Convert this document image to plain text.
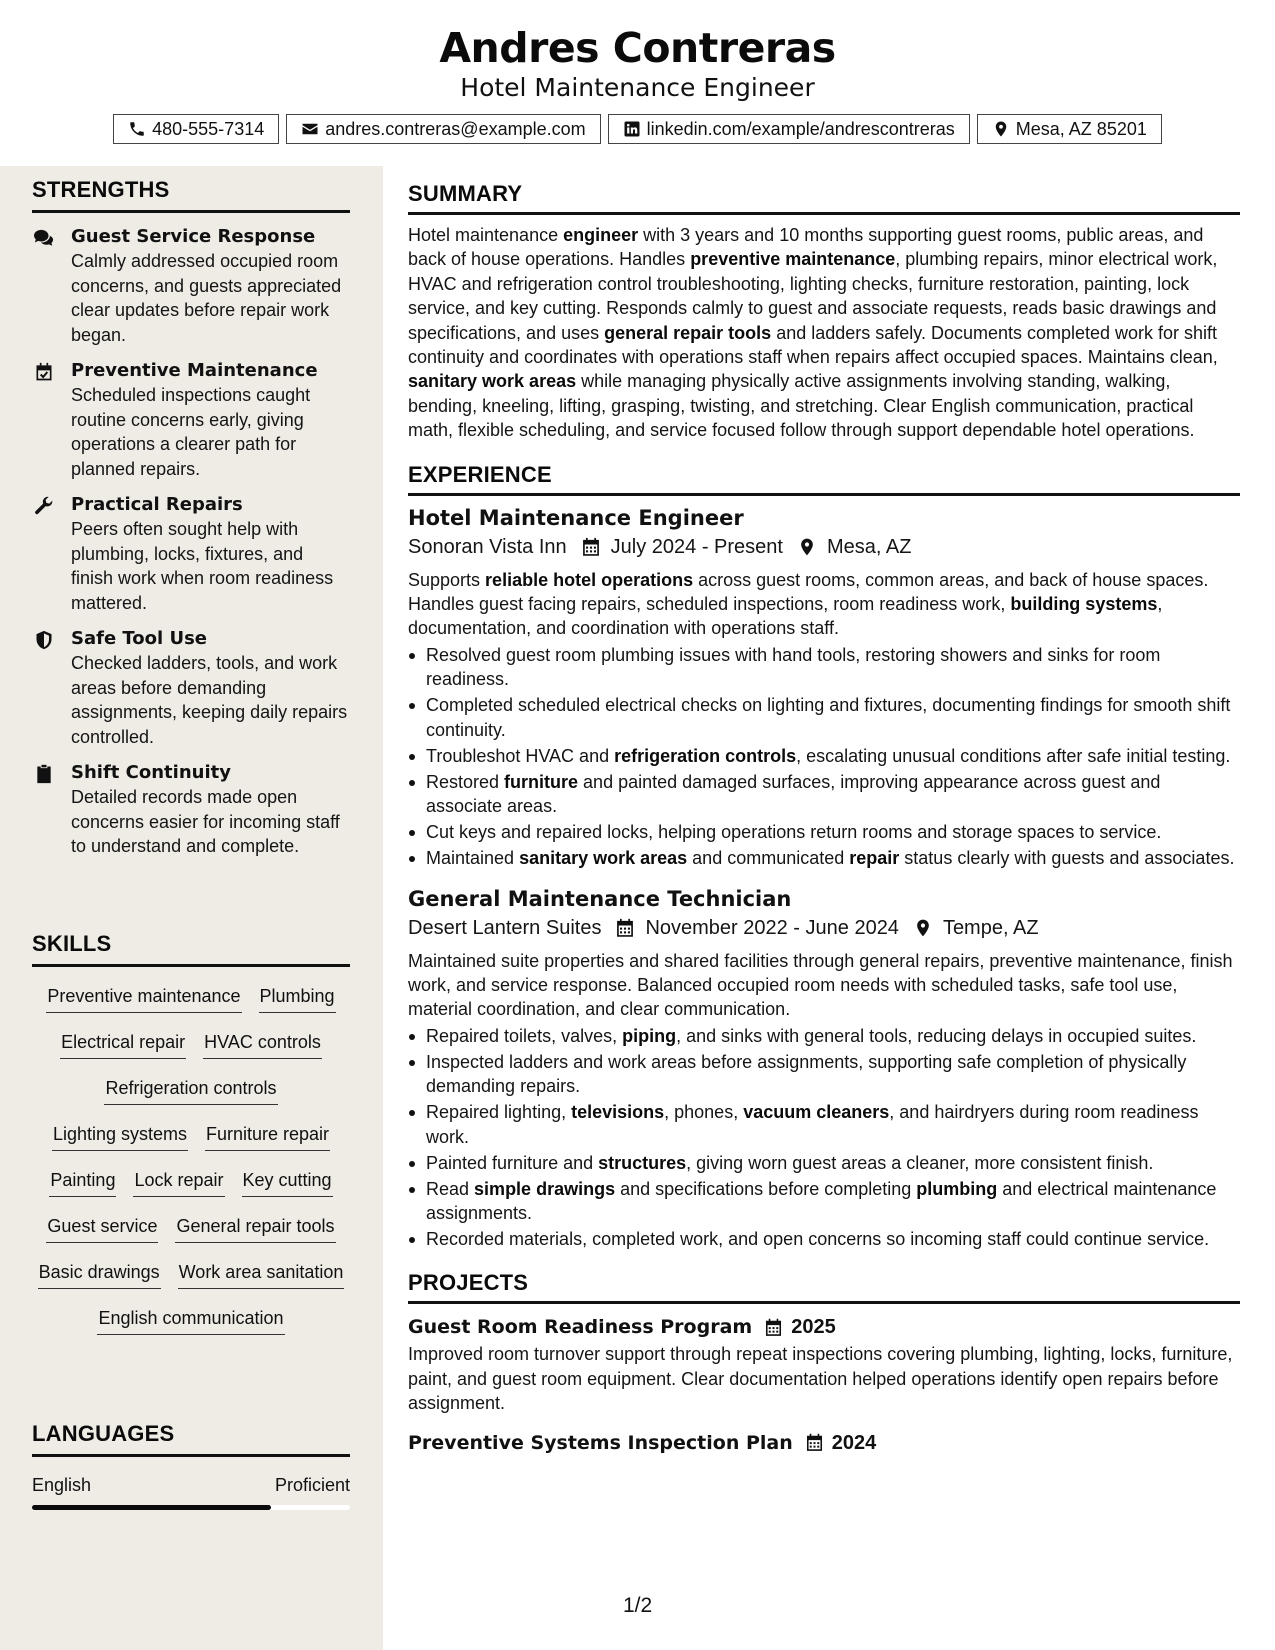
Andres Contreras
Hotel Maintenance Engineer
480-555-7314	andres.contreras@example.com	linkedin.com/example/andrescontreras	Mesa, AZ 85201
STRENGTHS
Guest Service Response
Calmly addressed occupied room concerns, and guests appreciated clear updates before repair work began.
Preventive Maintenance
Scheduled inspections caught routine concerns early, giving operations a clearer path for planned repairs.
Practical Repairs
Peers often sought help with plumbing, locks, fixtures, and finish work when room readiness mattered.
Safe Tool Use
Checked ladders, tools, and work areas before demanding assignments, keeping daily repairs controlled.
Shift Continuity
Detailed records made open concerns easier for incoming staff to understand and complete.
SKILLS
Preventive maintenance Plumbing
Electrical repair HVAC controls
Refrigeration controls
Lighting systems Furniture repair
Painting Lock repair Key cutting
Guest service General repair tools
Basic drawings Work area sanitation
English communication
LANGUAGES
English	Proficient
SUMMARY

Hotel maintenance engineer with 3 years and 10 months supporting guest rooms, public areas, and back of house operations. Handles preventive maintenance, plumbing repairs, minor electrical work, HVAC and refrigeration control troubleshooting, lighting checks, furniture restoration, painting, lock service, and key cutting. Responds calmly to guest and associate requests, reads basic drawings and specifications, and uses general repair tools and ladders safely. Documents completed work for shift continuity and coordinates with operations staff when repairs affect occupied spaces. Maintains clean, sanitary work areas while managing physically active assignments involving standing, walking, bending, kneeling, lifting, grasping, twisting, and stretching. Clear English communication, practical math, flexible scheduling, and service focused follow through support dependable hotel operations.

EXPERIENCE
Hotel Maintenance Engineer
Sonoran Vista Inn July 2024 - Present Mesa, AZ

Supports reliable hotel operations across guest rooms, common areas, and back of house spaces. Handles guest facing repairs, scheduled inspections, room readiness work, building systems, documentation, and coordination with operations staff.

Resolved guest room plumbing issues with hand tools, restoring showers and sinks for room readiness.
Completed scheduled electrical checks on lighting and fixtures, documenting findings for smooth shift continuity.
Troubleshot HVAC and refrigeration controls, escalating unusual conditions after safe initial testing.
Restored furniture and painted damaged surfaces, improving appearance across guest and associate areas.
Cut keys and repaired locks, helping operations return rooms and storage spaces to service.
Maintained sanitary work areas and communicated repair status clearly with guests and associates.
General Maintenance Technician
Desert Lantern Suites November 2022 - June 2024 Tempe, AZ

Maintained suite properties and shared facilities through general repairs, preventive maintenance, finish work, and service response. Balanced occupied room needs with scheduled tasks, safe tool use, material coordination, and clear communication.

Repaired toilets, valves, piping, and sinks with general tools, reducing delays in occupied suites.
Inspected ladders and work areas before assignments, supporting safe completion of physically demanding repairs.
Repaired lighting, televisions, phones, vacuum cleaners, and hairdryers during room readiness work.
Painted furniture and structures, giving worn guest areas a cleaner, more consistent finish.
Read simple drawings and specifications before completing plumbing and electrical maintenance assignments.
Recorded materials, completed work, and open concerns so incoming staff could continue service.
PROJECTS
Guest Room Readiness Program 2025

Improved room turnover support through repeat inspections covering plumbing, lighting, locks, furniture, paint, and guest room equipment. Clear documentation helped operations identify open repairs before assignment.

Preventive Systems Inspection Plan 2024
1/2
